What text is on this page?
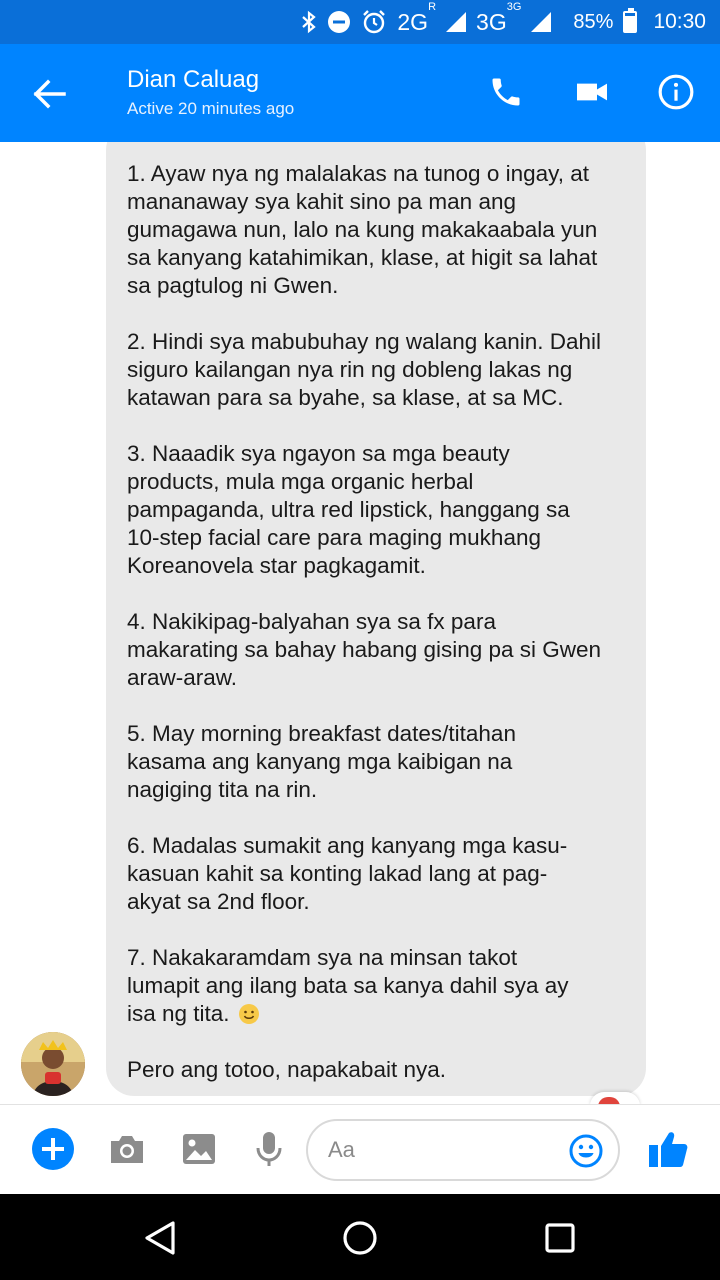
$2G^R$
$3G^{3G}$
85% 10:30
Dian Caluag
Active 20 minutes ago
1. Ayaw nya ng malalakas na tunog o ingay, at
mananaway sya kahit sino pa man ang
gumagawa nun, lalo na kung makakaabala yun
sa kanyang katahimikan, klase, at higit sa lahat
sa pagtulog ni Gwen.
2. Hindi sya mabubuhay ng walang kanin. Dahil
siguro kailangan nya rin ng dobleng lakas ng
katawan para sa byahe, sa klase, at sa MC.
3. Naaadik sya ngayon sa mga beauty
products, mula mga organic herbal
pampaganda, ultra red lipstick, hanggang sa
10-step facial care para maging mukhang
Koreanovela star pagkagamit.
4. Nakikipag-balyahan sya sa fx para
makarating sa bahay habang gising pa si Gwen
araw-araw.
5. May morning breakfast dates/titahan
kasama ang kanyang mga kaibigan na
nagiging tita na rin.
6. Madalas sumakit ang kanyang mga kasu-
kasuan kahit sa konting lakad lang at pag-
akyat sa 2nd floor.
7. Nakakaramdam sya na minsan takot
lumapit ang ilang bata sa kanya dahil sya ay
isa ng tita.
Pero ang totoo, napakabait nya.
Aa
